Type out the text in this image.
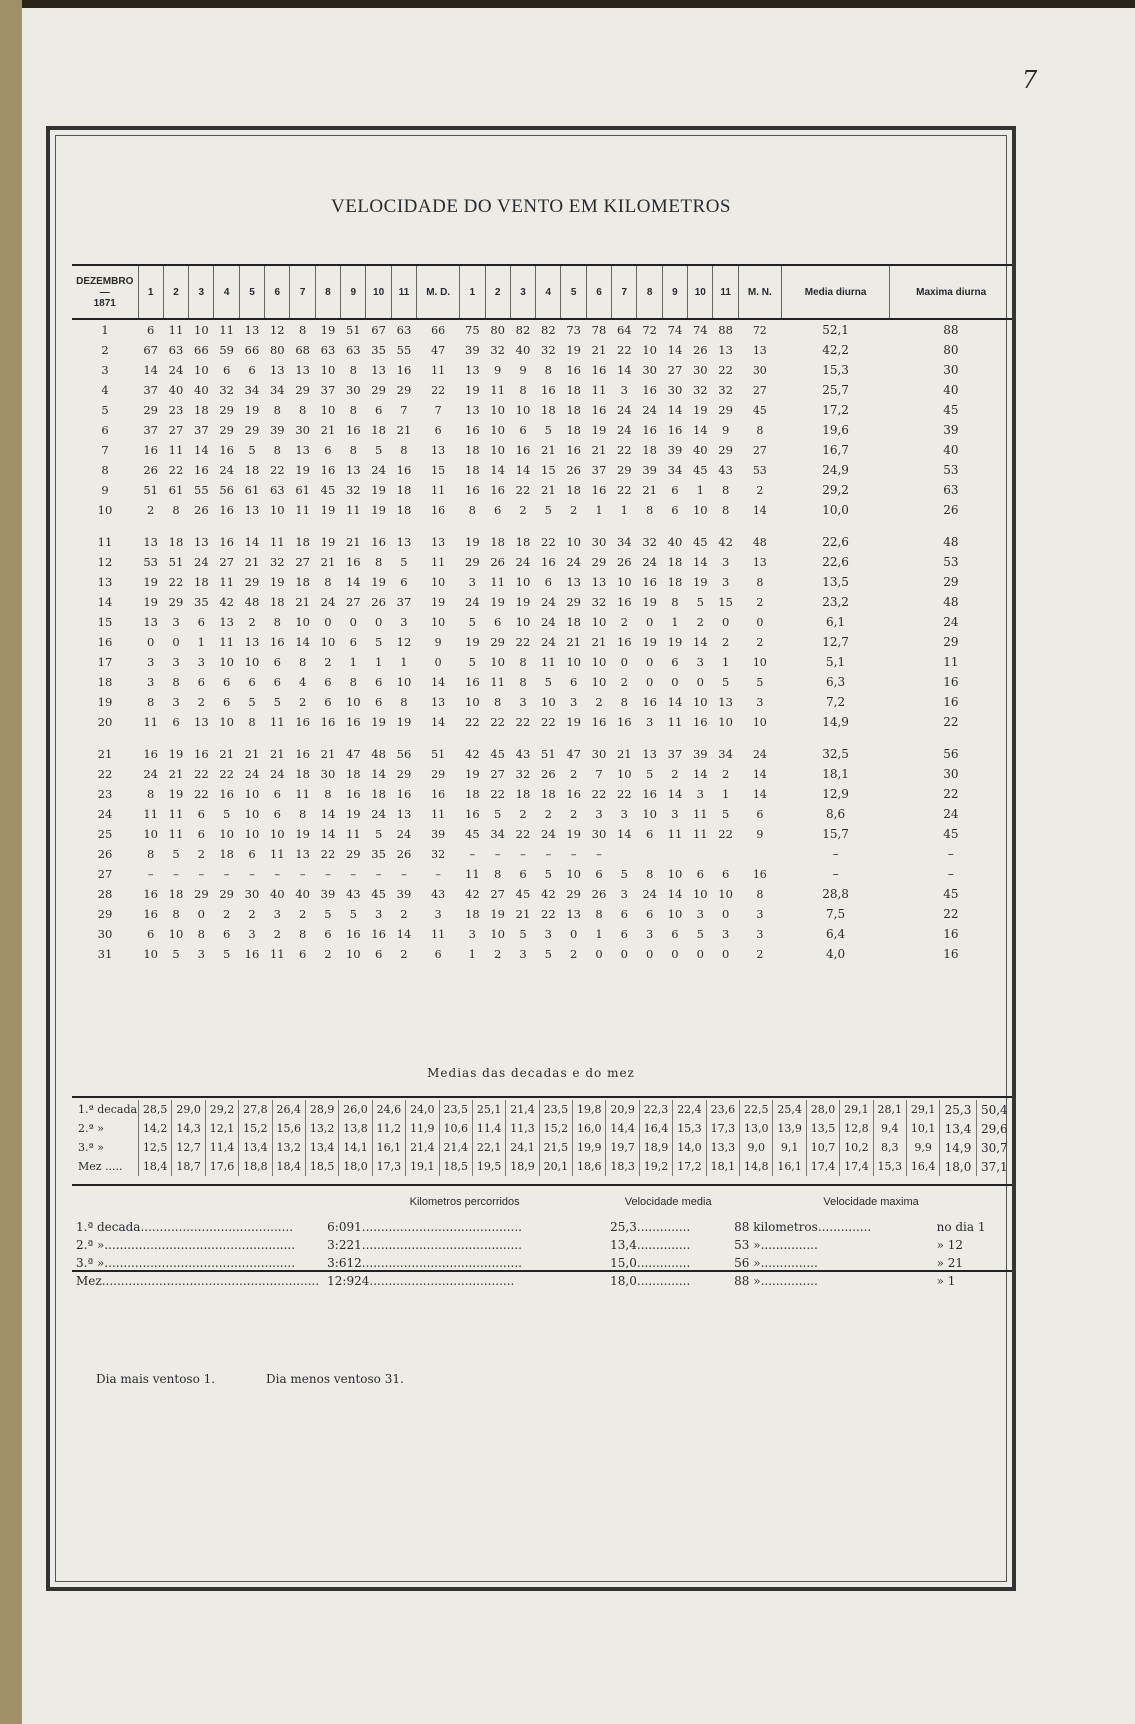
7
VELOCIDADE DO VENTO EM KILOMETROS
DEZEMBRO
—
1871	1	2	3	4	5	6	7	8	9	10	11	M. D.	1	2	3	4	5	6	7	8	9	10	11	M. N.	Media diurna	Maxima diurna
1	6	11	10	11	13	12	8	19	51	67	63	66	75	80	82	82	73	78	64	72	74	74	88	72	52,1	88
2	67	63	66	59	66	80	68	63	63	35	55	47	39	32	40	32	19	21	22	10	14	26	13	13	42,2	80
3	14	24	10	6	6	13	13	10	8	13	16	11	13	9	9	8	16	16	14	30	27	30	22	30	15,3	30
4	37	40	40	32	34	34	29	37	30	29	29	22	19	11	8	16	18	11	3	16	30	32	32	27	25,7	40
5	29	23	18	29	19	8	8	10	8	6	7	7	13	10	10	18	18	16	24	24	14	19	29	45	17,2	45
6	37	27	37	29	29	39	30	21	16	18	21	6	16	10	6	5	18	19	24	16	16	14	9	8	19,6	39
7	16	11	14	16	5	8	13	6	8	5	8	13	18	10	16	21	16	21	22	18	39	40	29	27	16,7	40
8	26	22	16	24	18	22	19	16	13	24	16	15	18	14	14	15	26	37	29	39	34	45	43	53	24,9	53
9	51	61	55	56	61	63	61	45	32	19	18	11	16	16	22	21	18	16	22	21	6	1	8	2	29,2	63
10	2	8	26	16	13	10	11	19	11	19	18	16	8	6	2	5	2	1	1	8	6	10	8	14	10,0	26
11	13	18	13	16	14	11	18	19	21	16	13	13	19	18	18	22	10	30	34	32	40	45	42	48	22,6	48
12	53	51	24	27	21	32	27	21	16	8	5	11	29	26	24	16	24	29	26	24	18	14	3	13	22,6	53
13	19	22	18	11	29	19	18	8	14	19	6	10	3	11	10	6	13	13	10	16	18	19	3	8	13,5	29
14	19	29	35	42	48	18	21	24	27	26	37	19	24	19	19	24	29	32	16	19	8	5	15	2	23,2	48
15	13	3	6	13	2	8	10	0	0	0	3	10	5	6	10	24	18	10	2	0	1	2	0	0	6,1	24
16	0	0	1	11	13	16	14	10	6	5	12	9	19	29	22	24	21	21	16	19	19	14	2	2	12,7	29
17	3	3	3	10	10	6	8	2	1	1	1	0	5	10	8	11	10	10	0	0	6	3	1	10	5,1	11
18	3	8	6	6	6	6	4	6	8	6	10	14	16	11	8	5	6	10	2	0	0	0	5	5	6,3	16
19	8	3	2	6	5	5	2	6	10	6	8	13	10	8	3	10	3	2	8	16	14	10	13	3	7,2	16
20	11	6	13	10	8	11	16	16	16	19	19	14	22	22	22	22	19	16	16	3	11	16	10	10	14,9	22
21	16	19	16	21	21	21	16	21	47	48	56	51	42	45	43	51	47	30	21	13	37	39	34	24	32,5	56
22	24	21	22	22	24	24	18	30	18	14	29	29	19	27	32	26	2	7	10	5	2	14	2	14	18,1	30
23	8	19	22	16	10	6	11	8	16	18	16	16	18	22	18	18	16	22	22	16	14	3	1	14	12,9	22
24	11	11	6	5	10	6	8	14	19	24	13	11	16	5	2	2	2	3	3	10	3	11	5	6	8,6	24
25	10	11	6	10	10	10	19	14	11	5	24	39	45	34	22	24	19	30	14	6	11	11	22	9	15,7	45
26	8	5	2	18	6	11	13	22	29	35	26	32	–	–	–	–	–	–							–	–
27	–	–	–	–	–	–	–	–	–	–	–	–	11	8	6	5	10	6	5	8	10	6	6	16	–	–
28	16	18	29	29	30	40	40	39	43	45	39	43	42	27	45	42	29	26	3	24	14	10	10	8	28,8	45
29	16	8	0	2	2	3	2	5	5	3	2	3	18	19	21	22	13	8	6	6	10	3	0	3	7,5	22
30	6	10	8	6	3	2	8	6	16	16	14	11	3	10	5	3	0	1	6	3	6	5	3	3	6,4	16
31	10	5	3	5	16	11	6	2	10	6	2	6	1	2	3	5	2	0	0	0	0	0	0	2	4,0	16
Medias das decadas e do mez
1.ª decada	28,5	29,0	29,2	27,8	26,4	28,9	26,0	24,6	24,0	23,5	25,1	21,4	23,5	19,8	20,9	22,3	22,4	23,6	22,5	25,4	28,0	29,1	28,1	29,1	25,3	50,4
2.ª »	14,2	14,3	12,1	15,2	15,6	13,2	13,8	11,2	11,9	10,6	11,4	11,3	15,2	16,0	14,4	16,4	15,3	17,3	13,0	13,9	13,5	12,8	9,4	10,1	13,4	29,6
3.ª »	12,5	12,7	11,4	13,4	13,2	13,4	14,1	16,1	21,4	21,4	22,1	24,1	21,5	19,9	19,7	18,9	14,0	13,3	9,0	9,1	10,7	10,2	8,3	9,9	14,9	30,7
Mez .....	18,4	18,7	17,6	18,8	18,4	18,5	18,0	17,3	19,1	18,5	19,5	18,9	20,1	18,6	18,3	19,2	17,2	18,1	14,8	16,1	17,4	17,4	15,3	16,4	18,0	37,1
	Kilometros percorridos	Velocidade media	Velocidade maxima	
1.ª decada........................................	6:091..........................................	25,3..............	88 kilometros..............	no dia 1
2.ª »..................................................	3:221..........................................	13,4..............	53 »...............	» 12
3.ª »..................................................	3:612..........................................	15,0..............	56 »...............	» 21
Mez.........................................................	12:924......................................	18,0..............	88 »...............	» 1
Dia mais ventoso 1.	Dia menos ventoso 31.
